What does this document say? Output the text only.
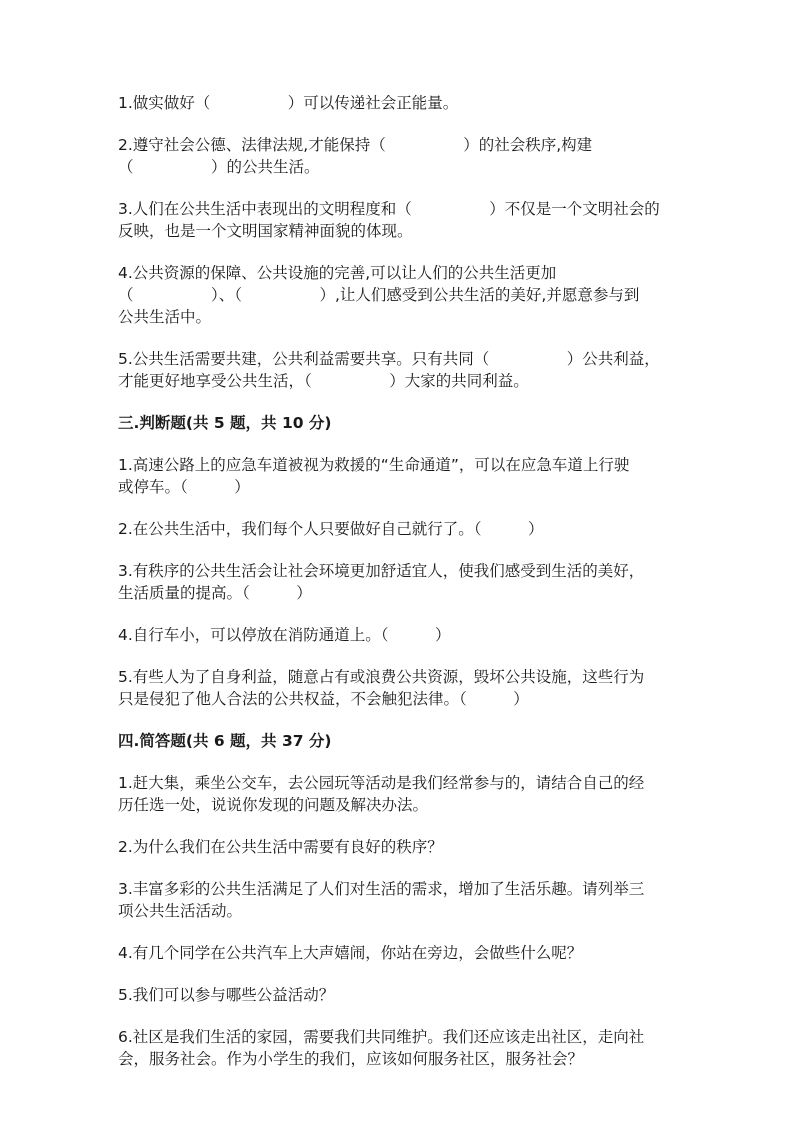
1.做实做好（　　　　　）可以传递社会正能量。
2.遵守社会公德、法律法规,才能保持（　　　　　）的社会秩序,构建
（　　　　　）的公共生活。
3.人们在公共生活中表现出的文明程度和（　　　　　）不仅是一个文明社会的
反映，也是一个文明国家精神面貌的体现。
4.公共资源的保障、公共设施的完善,可以让人们的公共生活更加
（　　　　　）、（　　　　　）,让人们感受到公共生活的美好,并愿意参与到
公共生活中。
5.公共生活需要共建，公共利益需要共享。只有共同（　　　　　）公共利益，
才能更好地享受公共生活，（　　　　　）大家的共同利益。
三.判断题(共 5 题，共 10 分)
1.高速公路上的应急车道被视为救援的“生命通道”，可以在应急车道上行驶
或停车。（　　　）
2.在公共生活中，我们每个人只要做好自己就行了。（　　　）
3.有秩序的公共生活会让社会环境更加舒适宜人，使我们感受到生活的美好，
生活质量的提高。（　　　）
4.自行车小，可以停放在消防通道上。（　　　）
5.有些人为了自身利益，随意占有或浪费公共资源，毁坏公共设施，这些行为
只是侵犯了他人合法的公共权益，不会触犯法律。（　　　）
四.简答题(共 6 题，共 37 分)
1.赶大集，乘坐公交车，去公园玩等活动是我们经常参与的，请结合自己的经
历任选一处，说说你发现的问题及解决办法。
2.为什么我们在公共生活中需要有良好的秩序？
3.丰富多彩的公共生活满足了人们对生活的需求，增加了生活乐趣。请列举三
项公共生活活动。
4.有几个同学在公共汽车上大声嬉闹，你站在旁边，会做些什么呢？
5.我们可以参与哪些公益活动？
6.社区是我们生活的家园，需要我们共同维护。我们还应该走出社区，走向社
会，服务社会。作为小学生的我们，应该如何服务社区，服务社会？
